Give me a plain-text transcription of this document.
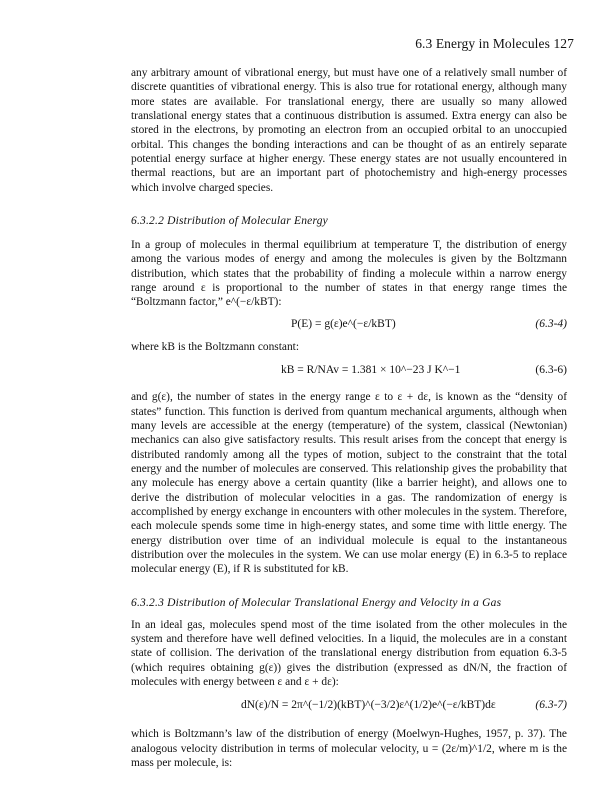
6.3 Energy in Molecules 127

any arbitrary amount of vibrational energy, but must have one of a relatively small number of discrete quantities of vibrational energy. This is also true for rotational energy, although many more states are available. For translational energy, there are usually so many allowed translational energy states that a continuous distribution is assumed. Extra energy can also be stored in the electrons, by promoting an electron from an occupied orbital to an unoccupied orbital. This changes the bonding interactions and can be thought of as an entirely separate potential energy surface at higher energy. These energy states are not usually encountered in thermal reactions, but are an important part of photochemistry and high-energy processes which involve charged species.

6.3.2.2 Distribution of Molecular Energy

In a group of molecules in thermal equilibrium at temperature T, the distribution of energy among the various modes of energy and among the molecules is given by the Boltzmann distribution, which states that the probability of finding a molecule within a narrow energy range around ε is proportional to the number of states in that energy range times the “Boltzmann factor,” e^(−ε/kBT):

P(E) = g(ε)e^(−ε/kBT)	(6.3-4)

where kB is the Boltzmann constant:

kB = R/NAv = 1.381 × 10^−23 J K^−1	(6.3-6)

and g(ε), the number of states in the energy range ε to ε + dε, is known as the “density of states” function. This function is derived from quantum mechanical arguments, although when many levels are accessible at the energy (temperature) of the system, classical (Newtonian) mechanics can also give satisfactory results. This result arises from the concept that energy is distributed randomly among all the types of motion, subject to the constraint that the total energy and the number of molecules are conserved. This relationship gives the probability that any molecule has energy above a certain quantity (like a barrier height), and allows one to derive the distribution of molecular velocities in a gas. The randomization of energy is accomplished by energy exchange in encounters with other molecules in the system. Therefore, each molecule spends some time in high-energy states, and some time with little energy. The energy distribution over time of an individual molecule is equal to the instantaneous distribution over the molecules in the system. We can use molar energy (E) in 6.3-5 to replace molecular energy (E), if R is substituted for kB.

6.3.2.3 Distribution of Molecular Translational Energy and Velocity in a Gas

In an ideal gas, molecules spend most of the time isolated from the other molecules in the system and therefore have well defined velocities. In a liquid, the molecules are in a constant state of collision. The derivation of the translational energy distribution from equation 6.3-5 (which requires obtaining g(ε)) gives the distribution (expressed as dN/N, the fraction of molecules with energy between ε and ε + dε):

dN(ε)/N = 2π^(−1/2)(kBT)^(−3/2)ε^(1/2)e^(−ε/kBT)dε	(6.3-7)

which is Boltzmann’s law of the distribution of energy (Moelwyn-Hughes, 1957, p. 37). The analogous velocity distribution in terms of molecular velocity, u = (2ε/m)^1/2, where m is the mass per molecule, is:
